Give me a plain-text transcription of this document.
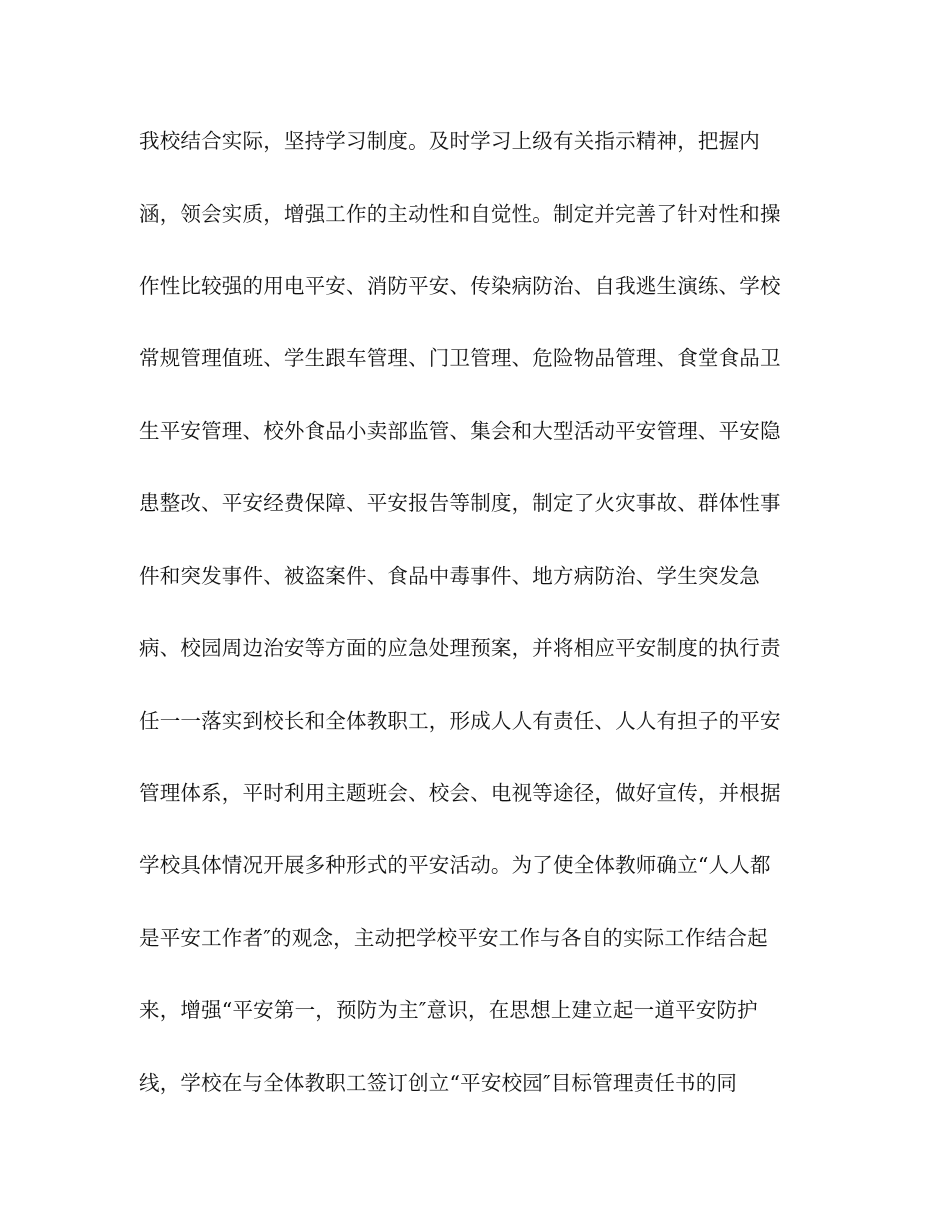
我校结合实际，坚持学习制度。及时学习上级有关指示精神，把握内
涵，领会实质，增强工作的主动性和自觉性。制定并完善了针对性和操
作性比较强的用电平安、消防平安、传染病防治、自我逃生演练、学校
常规管理值班、学生跟车管理、门卫管理、危险物品管理、食堂食品卫
生平安管理、校外食品小卖部监管、集会和大型活动平安管理、平安隐
患整改、平安经费保障、平安报告等制度，制定了火灾事故、群体性事
件和突发事件、被盗案件、食品中毒事件、地方病防治、学生突发急
病、校园周边治安等方面的应急处理预案，并将相应平安制度的执行责
任一一落实到校长和全体教职工，形成人人有责任、人人有担子的平安
管理体系，平时利用主题班会、校会、电视等途径，做好宣传，并根据
学校具体情况开展多种形式的平安活动。为了使全体教师确立“人人都
是平安工作者″的观念，主动把学校平安工作与各自的实际工作结合起
来，增强“平安第一，预防为主″意识，在思想上建立起一道平安防护
线，学校在与全体教职工签订创立“平安校园″目标管理责任书的同
